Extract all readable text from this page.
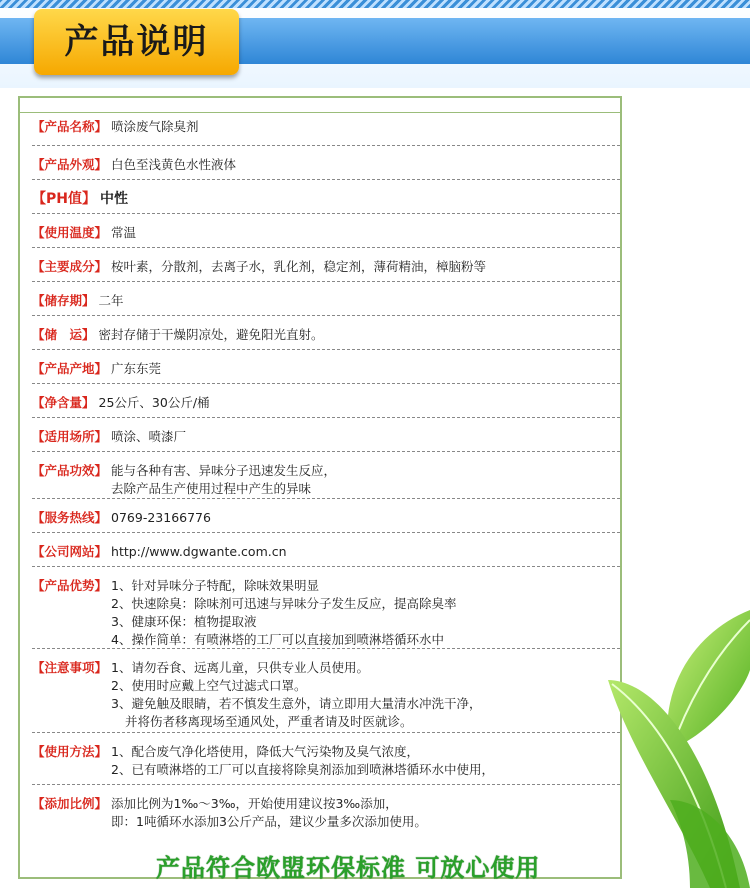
产品说明
【产品名称】 喷涂废气除臭剂
【产品外观】 白色至浅黄色水性液体
【PH值】 中性
【使用温度】 常温
【主要成分】 桉叶素，分散剂，去离子水，乳化剂，稳定剂，薄荷精油，樟脑粉等
【储存期】 二年
【储　运】 密封存储于干燥阴凉处，避免阳光直射。
【产品产地】 广东东莞
【净含量】 25公斤、30公斤/桶
【适用场所】 喷涂、喷漆厂
【产品功效】 能与各种有害、异味分子迅速发生反应，
去除产品生产使用过程中产生的异味
【服务热线】 0769-23166776
【公司网站】 http://www.dgwante.com.cn
【产品优势】 1、针对异味分子特配，除味效果明显
2、快速除臭：除味剂可迅速与异味分子发生反应，提高除臭率
3、健康环保：植物提取液
4、操作简单：有喷淋塔的工厂可以直接加到喷淋塔循环水中
【注意事项】 1、请勿吞食、远离儿童，只供专业人员使用。
2、使用时应戴上空气过滤式口罩。
3、避免触及眼睛，若不慎发生意外，请立即用大量清水冲洗干净，
并将伤者移离现场至通风处，严重者请及时医就诊。
【使用方法】 1、配合废气净化塔使用，降低大气污染物及臭气浓度，
2、已有喷淋塔的工厂可以直接将除臭剂添加到喷淋塔循环水中使用，
【添加比例】 添加比例为1‰～3‰，开始使用建议按3‰添加，
即：1吨循环水添加3公斤产品，建议少量多次添加使用。
产品符合欧盟环保标准 可放心使用
